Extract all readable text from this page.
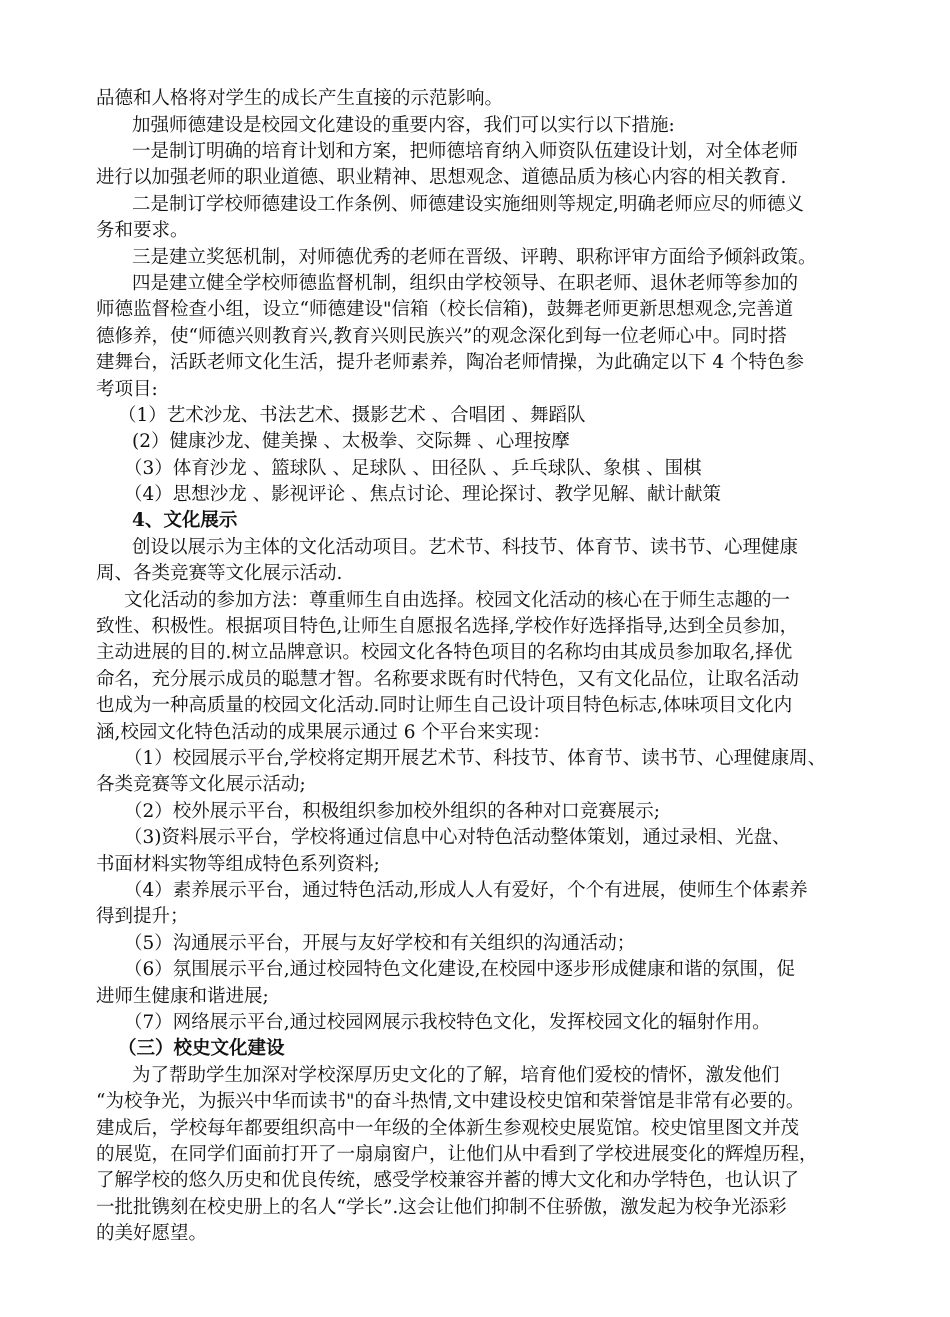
品德和人格将对学生的成长产生直接的示范影响。
加强师德建设是校园文化建设的重要内容，我们可以实行以下措施:
一是制订明确的培育计划和方案，把师德培育纳入师资队伍建设计划，对全体老师
进行以加强老师的职业道德、职业精神、思想观念、道德品质为核心内容的相关教育.
二是制订学校师德建设工作条例、师德建设实施细则等规定,明确老师应尽的师德义
务和要求。
三是建立奖惩机制，对师德优秀的老师在晋级、评聘、职称评审方面给予倾斜政策。
四是建立健全学校师德监督机制，组织由学校领导、在职老师、退休老师等参加的
师德监督检查小组，设立“师德建设"信箱（校长信箱)，鼓舞老师更新思想观念,完善道
德修养，使“师德兴则教育兴,教育兴则民族兴”的观念深化到每一位老师心中。同时搭
建舞台，活跃老师文化生活，提升老师素养，陶冶老师情操，为此确定以下 4 个特色参
考项目:
（1）艺术沙龙、书法艺术、摄影艺术 、合唱团 、舞蹈队
(2）健康沙龙、健美操 、太极拳、交际舞 、心理按摩
（3）体育沙龙 、篮球队 、足球队 、田径队 、乒乓球队、象棋 、围棋
（4）思想沙龙 、影视评论 、焦点讨论、理论探讨、教学见解、献计献策
4、文化展示
创设以展示为主体的文化活动项目。艺术节、科技节、体育节、读书节、心理健康
周、各类竞赛等文化展示活动.
文化活动的参加方法：尊重师生自由选择。校园文化活动的核心在于师生志趣的一
致性、积极性。根据项目特色,让师生自愿报名选择,学校作好选择指导,达到全员参加，
主动进展的目的.树立品牌意识。校园文化各特色项目的名称均由其成员参加取名,择优
命名，充分展示成员的聪慧才智。名称要求既有时代特色，又有文化品位，让取名活动
也成为一种高质量的校园文化活动.同时让师生自己设计项目特色标志,体味项目文化内
涵,校园文化特色活动的成果展示通过 6 个平台来实现：
（1）校园展示平台,学校将定期开展艺术节、科技节、体育节、读书节、心理健康周、
各类竞赛等文化展示活动;
（2）校外展示平台，积极组织参加校外组织的各种对口竞赛展示;
（3)资料展示平台，学校将通过信息中心对特色活动整体策划，通过录相、光盘、
书面材料实物等组成特色系列资料;
（4）素养展示平台，通过特色活动,形成人人有爱好，个个有进展，使师生个体素养
得到提升；
（5）沟通展示平台，开展与友好学校和有关组织的沟通活动；
（6）氛围展示平台,通过校园特色文化建设,在校园中逐步形成健康和谐的氛围，促
进师生健康和谐进展;
（7）网络展示平台,通过校园网展示我校特色文化，发挥校园文化的辐射作用。
（三）校史文化建设
为了帮助学生加深对学校深厚历史文化的了解，培育他们爱校的情怀，激发他们
“为校争光，为振兴中华而读书"的奋斗热情,文中建设校史馆和荣誉馆是非常有必要的。
建成后，学校每年都要组织高中一年级的全体新生参观校史展览馆。校史馆里图文并茂
的展览，在同学们面前打开了一扇扇窗户，让他们从中看到了学校进展变化的辉煌历程，
了解学校的悠久历史和优良传统，感受学校兼容并蓄的博大文化和办学特色，也认识了
一批批镌刻在校史册上的名人“学长”.这会让他们抑制不住骄傲，激发起为校争光添彩
的美好愿望。
